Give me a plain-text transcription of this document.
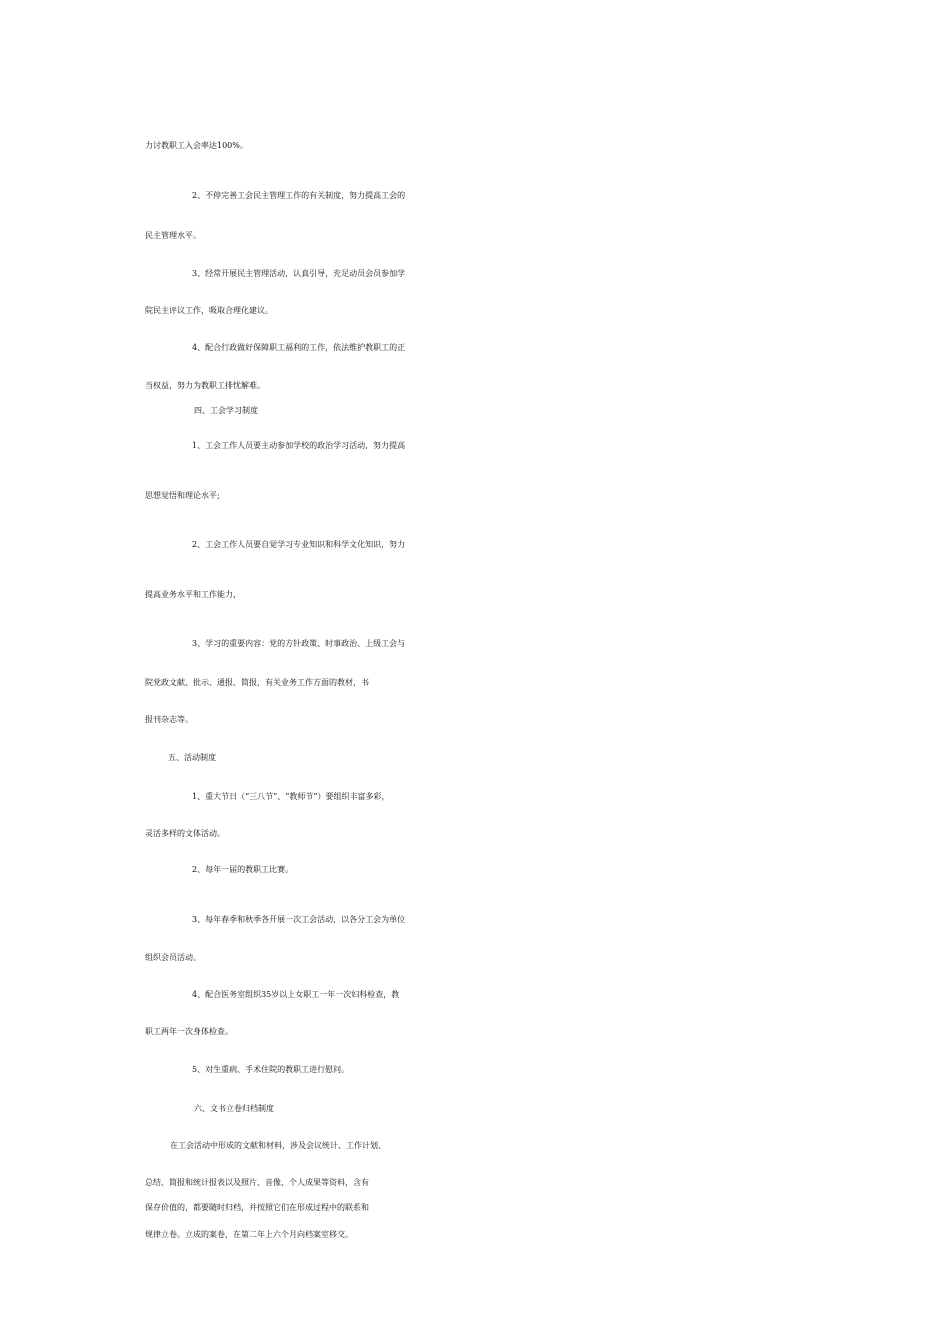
力讨教职工入会率达100%。

2、不停完善工会民主管理工作的有关制度，努力提高工会的

民主管理水平。

3、经常开展民主管理活动，认真引导，充足动员会员参加学

院民主评议工作，吸取合理化建议。

4、配合行政做好保障职工福利的工作，依法维护教职工的正

当权益，努力为教职工排忧解难。

四、工会学习制度

1、工会工作人员要主动参加学校的政治学习活动，努力提高

思想觉悟和理论水平;

2、工会工作人员要自觉学习专业知识和科学文化知识，努力

提高业务水平和工作能力，

3、学习的重要内容：党的方针政策、时事政治、上级工会与

院党政文献、批示、通报、简报，有关业务工作方面的教材，书

报刊杂志等。

五、活动制度

1、重大节日（“三八节”、“教师节”）要组织丰富多彩，

灵活多样的文体活动。

2、每年一届的教职工比赛。

3、每年春季和秋季各开展一次工会活动，以各分工会为单位

组织会员活动。

4、配合医务室组织35岁以上女职工一年一次妇科检查，教

职工两年一次身体检查。

5、对生重病、手术住院的教职工进行慰问。

六、文书立卷归档制度

在工会活动中形成的文献和材料，涉及会议统计、工作计划、

总结、简报和统计报表以及照片、音像、个人成果等资料，含有

保存价值的，都要随时归档，并按照它们在形成过程中的联系和

规律立卷。立成的案卷，在第二年上六个月向档案室移交。
